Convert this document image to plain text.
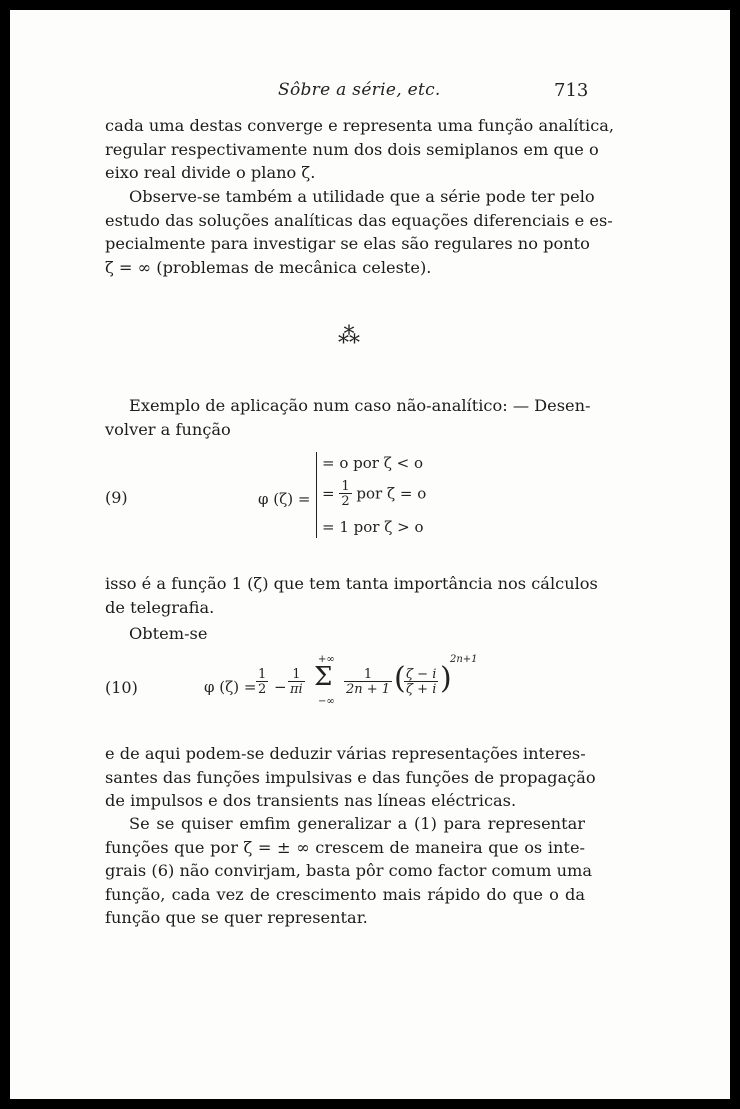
Sôbre a série, etc.	713
cada uma destas converge e representa uma função analítica,
regular respectivamente num dos dois semiplanos em que o
eixo real divide o plano ζ.
Observe-se também a utilidade que a série pode ter pelo
estudo das soluções analíticas das equações diferenciais e es-
pecialmente para investigar se elas são regulares no ponto
ζ = ∞ (problemas de mecânica celeste).
⁂
Exemplo de aplicação num caso não-analítico: — Desen-
volver a função
(9)	φ (ζ) =
= o por ζ < o
= $\frac{1}{2}$ por ζ = o
= 1 por ζ > o
isso é a função 1 (ζ) que tem tanta importância nos cálculos
de telegrafia.
Obtem-se
(10)	φ $(\zeta) = \frac{1}{2} - \frac{1}{\pi i}$
+∞
Σ
−∞
$\frac{1}{2n + 1}$ (
$\frac{\zeta - i}{\zeta + i}$ )
2n+1
e de aqui podem-se deduzir várias representações interes-
santes das funções impulsivas e das funções de propagação
de impulsos e dos transients nas líneas eléctricas.
Se se quiser emfim generalizar a (1) para representar
funções que por ζ = ± ∞ crescem de maneira que os inte-
grais (6) não convirjam, basta pôr como factor comum uma
função, cada vez de crescimento mais rápido do que o da
função que se quer representar.
